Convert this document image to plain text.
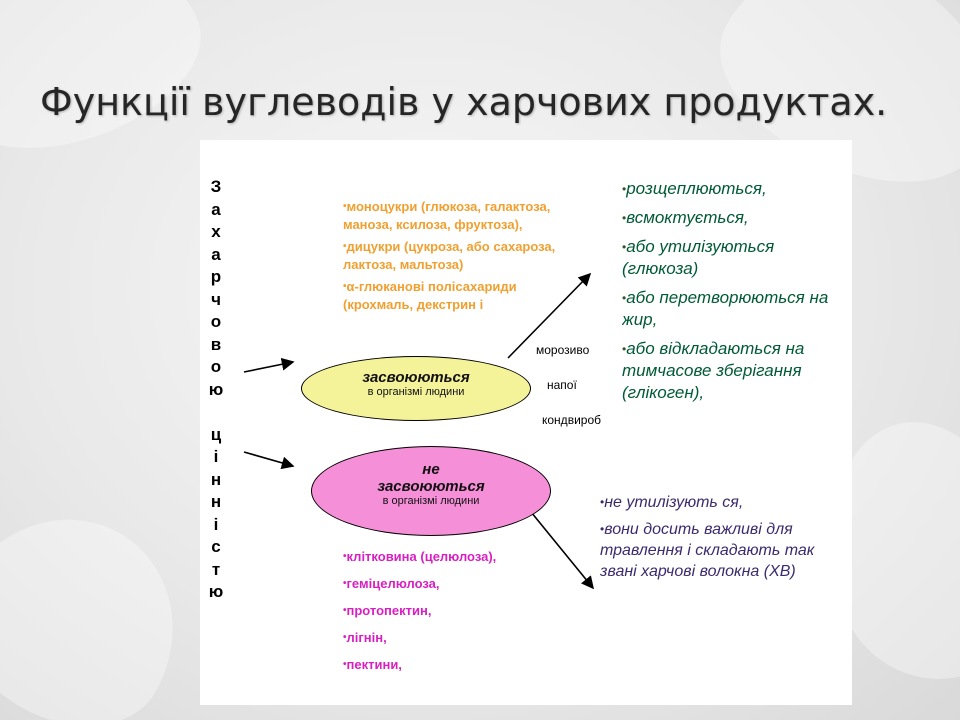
Функції вуглеводів у харчових продуктах.
З
а
х
а
р
ч
о
в
о
ю

ц
і
н
н
і
с
т
ю
•моноцукри (глюкоза, галактоза, маноза, ксилоза, фруктоза),
•дицукри (цукроза, або сахароза, лактоза, мальтоза)
•α-глюканові полісахариди (крохмаль, декстрин і
морозиво
напої
кондвироб
•розщеплюються,
•всмоктується,
•або утилізуються (глюкоза)
•або перетворюються на жир,
•або відкладаються на тимчасове зберігання (глікоген),
засвоюються
в організмі людини
не
засвоюються
в організмі людини
•клітковина (целюлоза),
•геміцелюлоза,
•протопектин,
•лігнін,
•пектини,
•не утилізують ся,
•вони досить важливі для травлення і складають так звані харчові волокна (ХВ)
